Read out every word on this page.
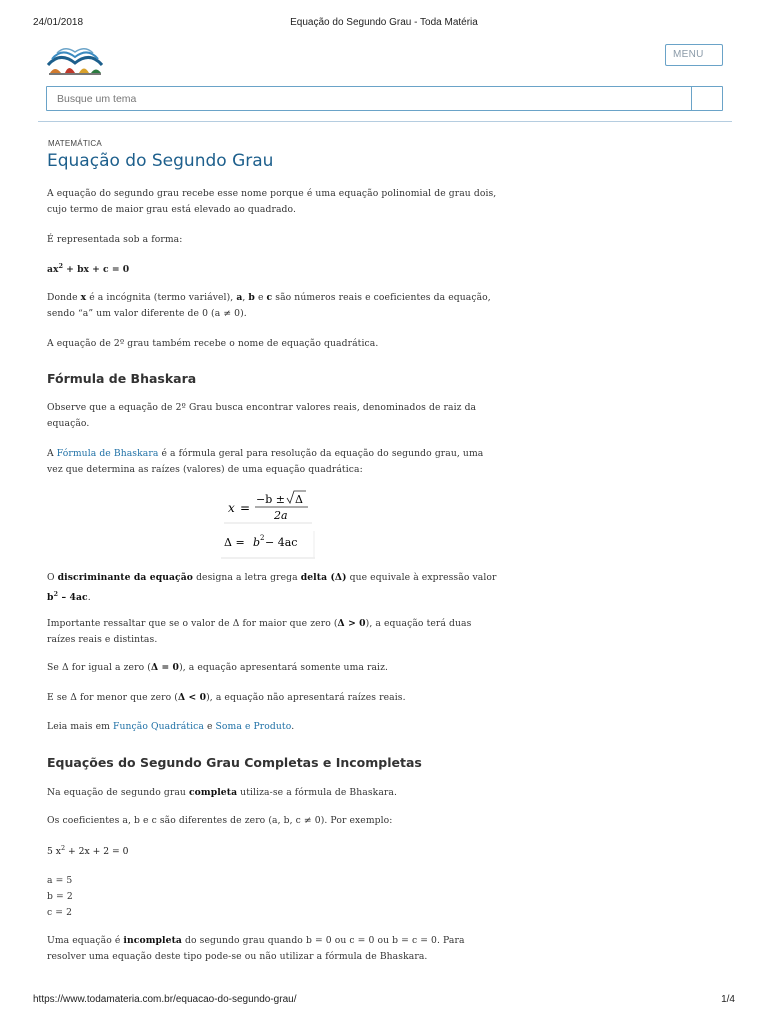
24/01/2018	Equação do Segundo Grau - Toda Matéria
MENU
Busque um tema
MATEMÁTICA
Equação do Segundo Grau

A equação do segundo grau recebe esse nome porque é uma equação polinomial de grau dois, cujo termo de maior grau está elevado ao quadrado.

É representada sob a forma:

$ax^2$ + bx + c = 0

Donde x é a incógnita (termo variável), a, b e c são números reais e coeficientes da equação, sendo “a” um valor diferente de 0 (a ≠ 0).

A equação de 2º grau também recebe o nome de equação quadrática.

Fórmula de Bhaskara

Observe que a equação de 2º Grau busca encontrar valores reais, denominados de raiz da equação.

A Fórmula de Bhaskara é a fórmula geral para resolução da equação do segundo grau, uma vez que determina as raízes (valores) de uma equação quadrática:

x =
−b ± Δ
2a
Δ = b 2 − 4ac

O discriminante da equação designa a letra grega delta (Δ) que equivale à expressão valor $b^2 - 4ac$.

Importante ressaltar que se o valor de Δ for maior que zero (Δ > 0), a equação terá duas raízes reais e distintas.

Se Δ for igual a zero (Δ = 0), a equação apresentará somente uma raiz.

E se Δ for menor que zero (Δ < 0), a equação não apresentará raízes reais.

Leia mais em Função Quadrática e Soma e Produto.

Equações do Segundo Grau Completas e Incompletas

Na equação de segundo grau completa utiliza-se a fórmula de Bhaskara.

Os coeficientes a, b e c são diferentes de zero (a, b, c ≠ 0). Por exemplo:

5 $x^2 + 2x + 2 = 0$
a = 5
b = 2
c = 2

Uma equação é incompleta do segundo grau quando b = 0 ou c = 0 ou b = c = 0. Para resolver uma equação deste tipo pode-se ou não utilizar a fórmula de Bhaskara.

https://www.todamateria.com.br/equacao-do-segundo-grau/	1/4
